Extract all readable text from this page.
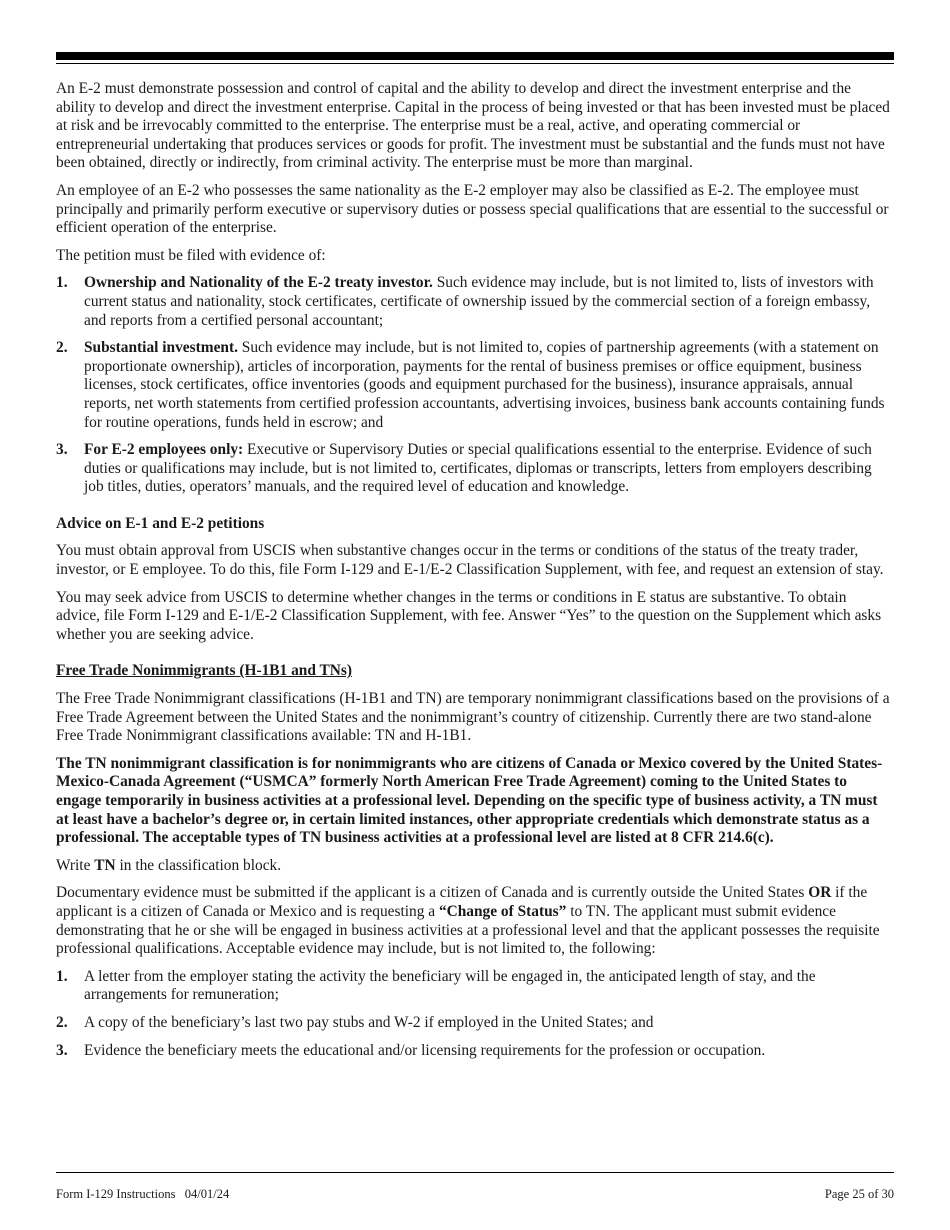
An E-2 must demonstrate possession and control of capital and the ability to develop and direct the investment enterprise and the ability to develop and direct the investment enterprise. Capital in the process of being invested or that has been invested must be placed at risk and be irrevocably committed to the enterprise. The enterprise must be a real, active, and operating commercial or entrepreneurial undertaking that produces services or goods for profit. The investment must be substantial and the funds must not have been obtained, directly or indirectly, from criminal activity. The enterprise must be more than marginal.

An employee of an E-2 who possesses the same nationality as the E-2 employer may also be classified as E-2. The employee must principally and primarily perform executive or supervisory duties or possess special qualifications that are essential to the successful or efficient operation of the enterprise.

The petition must be filed with evidence of:

1.	Ownership and Nationality of the E-2 treaty investor. Such evidence may include, but is not limited to, lists of investors with current status and nationality, stock certificates, certificate of ownership issued by the commercial section of a foreign embassy, and reports from a certified personal accountant;
2.	Substantial investment. Such evidence may include, but is not limited to, copies of partnership agreements (with a statement on proportionate ownership), articles of incorporation, payments for the rental of business premises or office equipment, business licenses, stock certificates, office inventories (goods and equipment purchased for the business), insurance appraisals, annual reports, net worth statements from certified profession accountants, advertising invoices, business bank accounts containing funds for routine operations, funds held in escrow; and
3.	For E-2 employees only: Executive or Supervisory Duties or special qualifications essential to the enterprise. Evidence of such duties or qualifications may include, but is not limited to, certificates, diplomas or transcripts, letters from employers describing job titles, duties, operators’ manuals, and the required level of education and knowledge.

Advice on E-1 and E-2 petitions

You must obtain approval from USCIS when substantive changes occur in the terms or conditions of the status of the treaty trader, investor, or E employee. To do this, file Form I-129 and E-1/E-2 Classification Supplement, with fee, and request an extension of stay.

You may seek advice from USCIS to determine whether changes in the terms or conditions in E status are substantive. To obtain advice, file Form I-129 and E-1/E-2 Classification Supplement, with fee. Answer “Yes” to the question on the Supplement which asks whether you are seeking advice.

Free Trade Nonimmigrants (H-1B1 and TNs)

The Free Trade Nonimmigrant classifications (H-1B1 and TN) are temporary nonimmigrant classifications based on the provisions of a Free Trade Agreement between the United States and the nonimmigrant’s country of citizenship. Currently there are two stand-alone Free Trade Nonimmigrant classifications available: TN and H-1B1.

The TN nonimmigrant classification is for nonimmigrants who are citizens of Canada or Mexico covered by the United States-Mexico-Canada Agreement (“USMCA” formerly North American Free Trade Agreement) coming to the United States to engage temporarily in business activities at a professional level. Depending on the specific type of business activity, a TN must at least have a bachelor’s degree or, in certain limited instances, other appropriate credentials which demonstrate status as a professional. The acceptable types of TN business activities at a professional level are listed at 8 CFR 214.6(c).

Write TN in the classification block.

Documentary evidence must be submitted if the applicant is a citizen of Canada and is currently outside the United States OR if the applicant is a citizen of Canada or Mexico and is requesting a “Change of Status” to TN. The applicant must submit evidence demonstrating that he or she will be engaged in business activities at a professional level and that the applicant possesses the requisite professional qualifications. Acceptable evidence may include, but is not limited to, the following:

1.	A letter from the employer stating the activity the beneficiary will be engaged in, the anticipated length of stay, and the arrangements for remuneration;
2.	A copy of the beneficiary’s last two pay stubs and W-2 if employed in the United States; and
3.	Evidence the beneficiary meets the educational and/or licensing requirements for the profession or occupation.
Form I-129 Instructions   04/01/24	Page 25 of 30
